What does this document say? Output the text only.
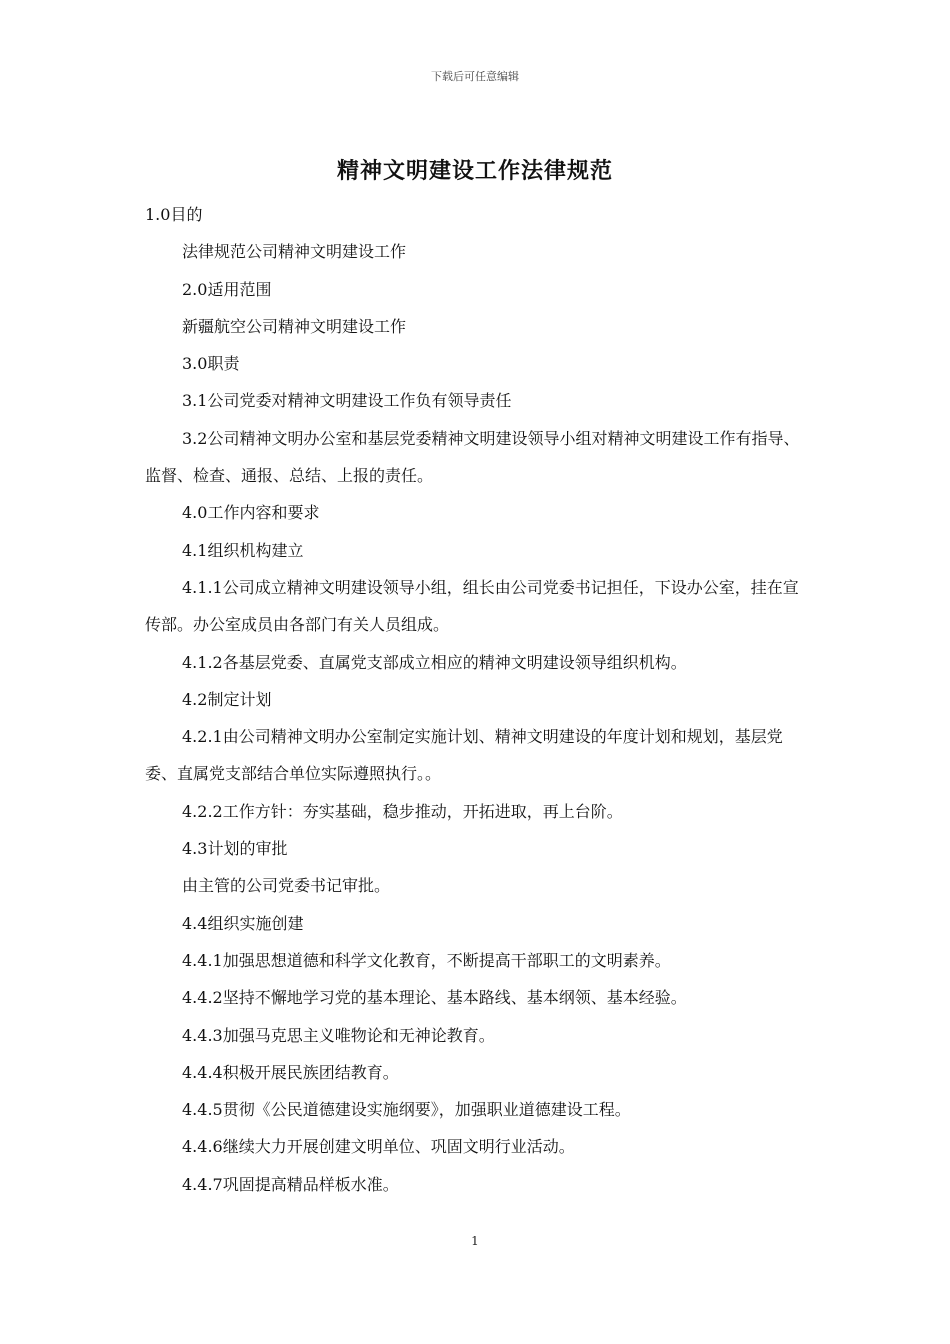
下载后可任意编辑
精神文明建设工作法律规范

1.0目的

法律规范公司精神文明建设工作

2.0适用范围

新疆航空公司精神文明建设工作

3.0职责

3.1公司党委对精神文明建设工作负有领导责任

3.2公司精神文明办公室和基层党委精神文明建设领导小组对精神文明建设工作有指导、监督、检查、通报、总结、上报的责任。

4.0工作内容和要求

4.1组织机构建立

4.1.1公司成立精神文明建设领导小组，组长由公司党委书记担任，下设办公室，挂在宣传部。办公室成员由各部门有关人员组成。

4.1.2各基层党委、直属党支部成立相应的精神文明建设领导组织机构。

4.2制定计划

4.2.1由公司精神文明办公室制定实施计划、精神文明建设的年度计划和规划，基层党委、直属党支部结合单位实际遵照执行。。

4.2.2工作方针：夯实基础，稳步推动，开拓进取，再上台阶。

4.3计划的审批

由主管的公司党委书记审批。

4.4组织实施创建

4.4.1加强思想道德和科学文化教育，不断提高干部职工的文明素养。

4.4.2坚持不懈地学习党的基本理论、基本路线、基本纲领、基本经验。

4.4.3加强马克思主义唯物论和无神论教育。

4.4.4积极开展民族团结教育。

4.4.5贯彻《公民道德建设实施纲要》，加强职业道德建设工程。

4.4.6继续大力开展创建文明单位、巩固文明行业活动。

4.4.7巩固提高精品样板水准。

1
